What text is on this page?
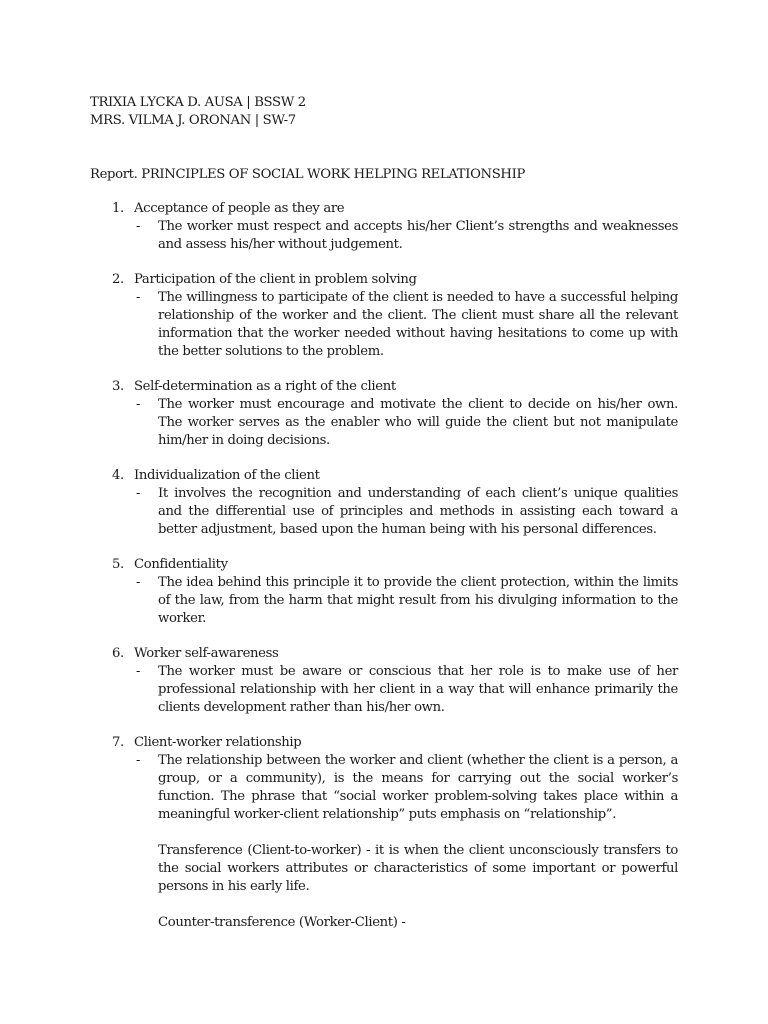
TRIXIA LYCKA D. AUSA | BSSW 2
MRS. VILMA J. ORONAN | SW-7
Report. PRINCIPLES OF SOCIAL WORK HELPING RELATIONSHIP
1. Acceptance of people as they are
-	The worker must respect and accepts his/her Client’s strengths and weaknesses and assess his/her without judgement.
2. Participation of the client in problem solving
-	The willingness to participate of the client is needed to have a successful helping relationship of the worker and the client. The client must share all the relevant information that the worker needed without having hesitations to come up with the better solutions to the problem.
3. Self-determination as a right of the client
-	The worker must encourage and motivate the client to decide on his/her own. The worker serves as the enabler who will guide the client but not manipulate him/her in doing decisions.
4. Individualization of the client
-	It involves the recognition and understanding of each client’s unique qualities and the differential use of principles and methods in assisting each toward a better adjustment, based upon the human being with his personal differences.
5. Confidentiality
-	The idea behind this principle it to provide the client protection, within the limits of the law, from the harm that might result from his divulging information to the worker.
6. Worker self-awareness
-	The worker must be aware or conscious that her role is to make use of her professional relationship with her client in a way that will enhance primarily the clients development rather than his/her own.
7. Client-worker relationship
-	The relationship between the worker and client (whether the client is a person, a group, or a community), is the means for carrying out the social worker’s function. The phrase that “social worker problem-solving takes place within a meaningful worker-client relationship” puts emphasis on “relationship”.
Transference (Client-to-worker) - it is when the client unconsciously transfers to the social workers attributes or characteristics of some important or powerful persons in his early life.
Counter-transference (Worker-Client) -
